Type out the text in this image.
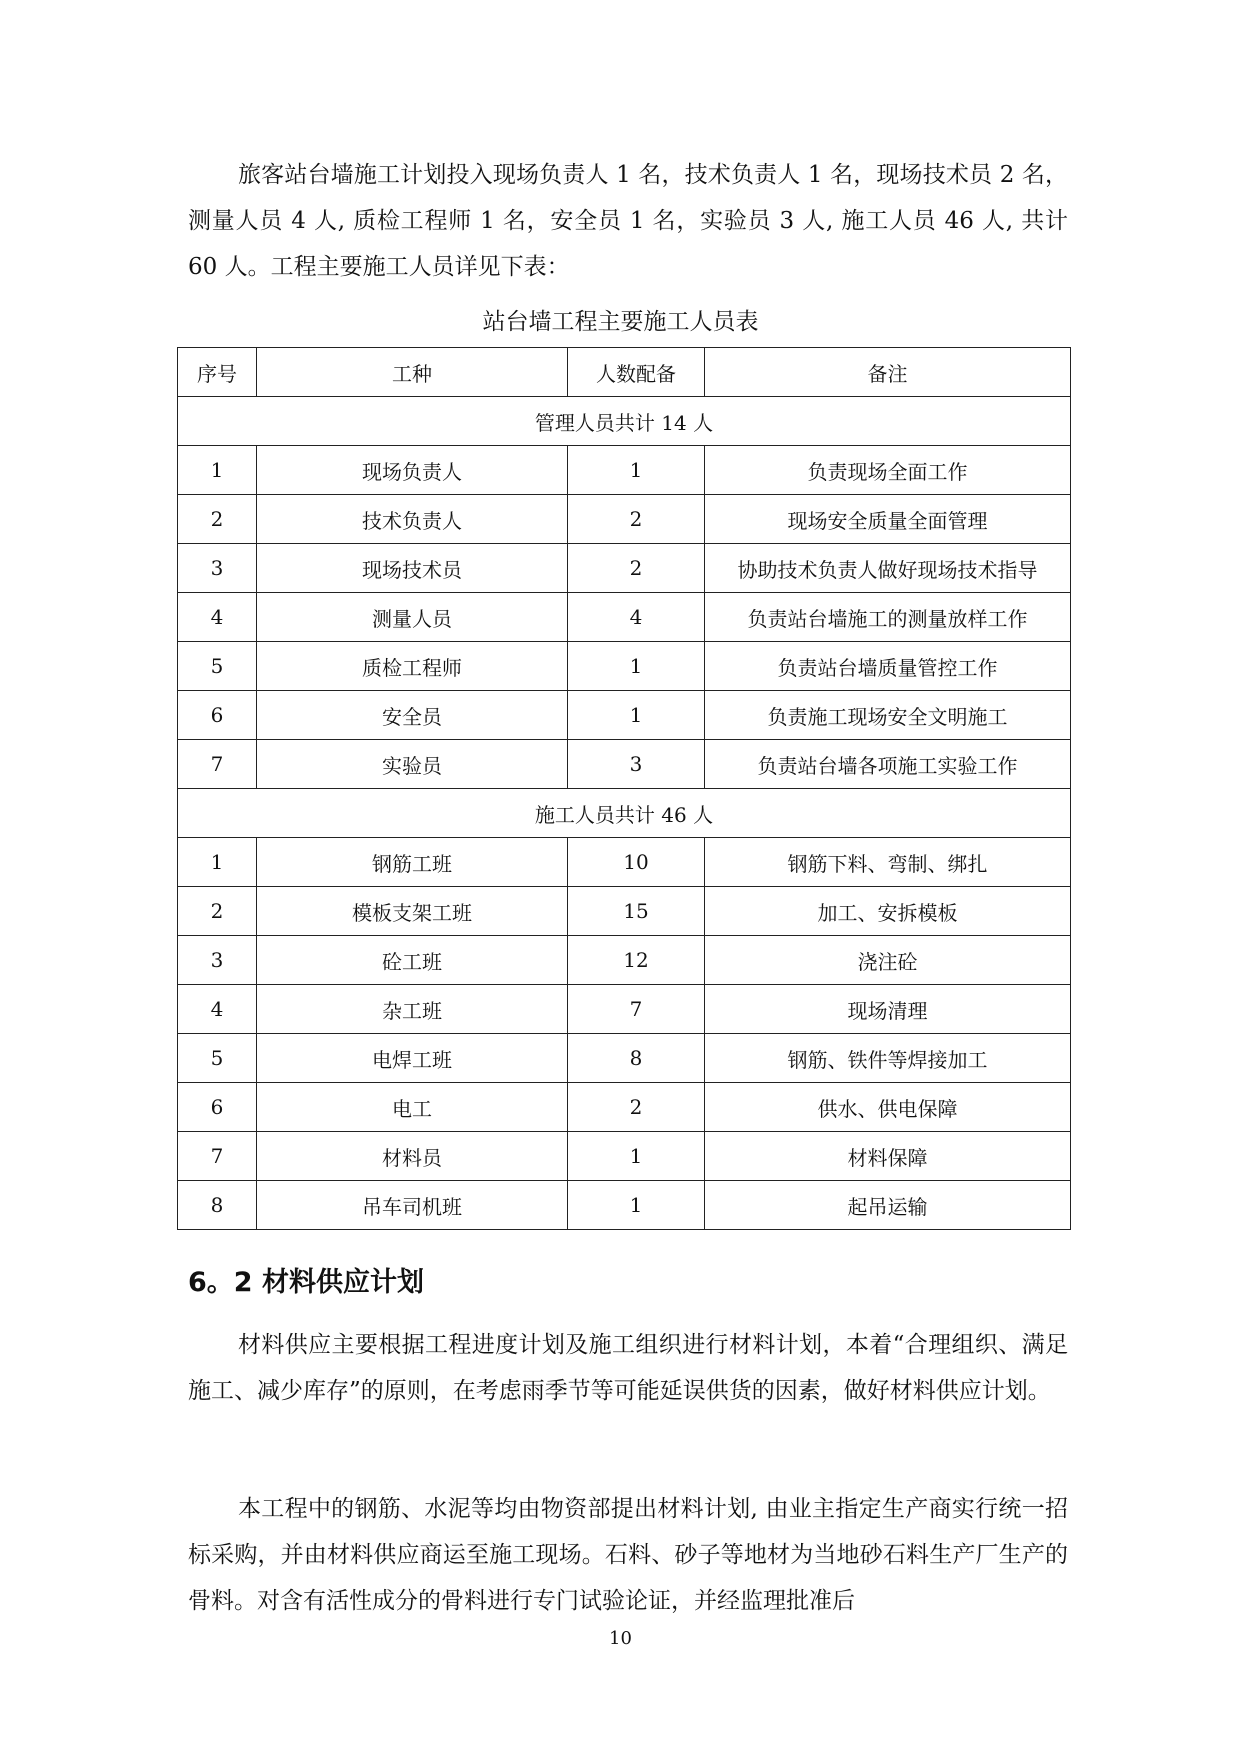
旅客站台墙施工计划投入现场负责人 1 名，技术负责人 1 名，现场技术员 2 名，测量人员 4 人, 质检工程师 1 名，安全员 1 名，实验员 3 人, 施工人员 46 人, 共计 60 人。工程主要施工人员详见下表：

站台墙工程主要施工人员表
序号	工种	人数配备	备注
管理人员共计 14 人			
1	现场负责人	1	负责现场全面工作
2	技术负责人	2	现场安全质量全面管理
3	现场技术员	2	协助技术负责人做好现场技术指导
4	测量人员	4	负责站台墙施工的测量放样工作
5	质检工程师	1	负责站台墙质量管控工作
6	安全员	1	负责施工现场安全文明施工
7	实验员	3	负责站台墙各项施工实验工作
施工人员共计 46 人			
1	钢筋工班	10	钢筋下料、弯制、绑扎
2	模板支架工班	15	加工、安拆模板
3	砼工班	12	浇注砼
4	杂工班	7	现场清理
5	电焊工班	8	钢筋、铁件等焊接加工
6	电工	2	供水、供电保障
7	材料员	1	材料保障
8	吊车司机班	1	起吊运输
6。2 材料供应计划

材料供应主要根据工程进度计划及施工组织进行材料计划，本着“合理组织、满足施工、减少库存”的原则，在考虑雨季节等可能延误供货的因素，做好材料供应计划。

本工程中的钢筋、水泥等均由物资部提出材料计划, 由业主指定生产商实行统一招标采购，并由材料供应商运至施工现场。石料、砂子等地材为当地砂石料生产厂生产的骨料。对含有活性成分的骨料进行专门试验论证，并经监理批准后

10
